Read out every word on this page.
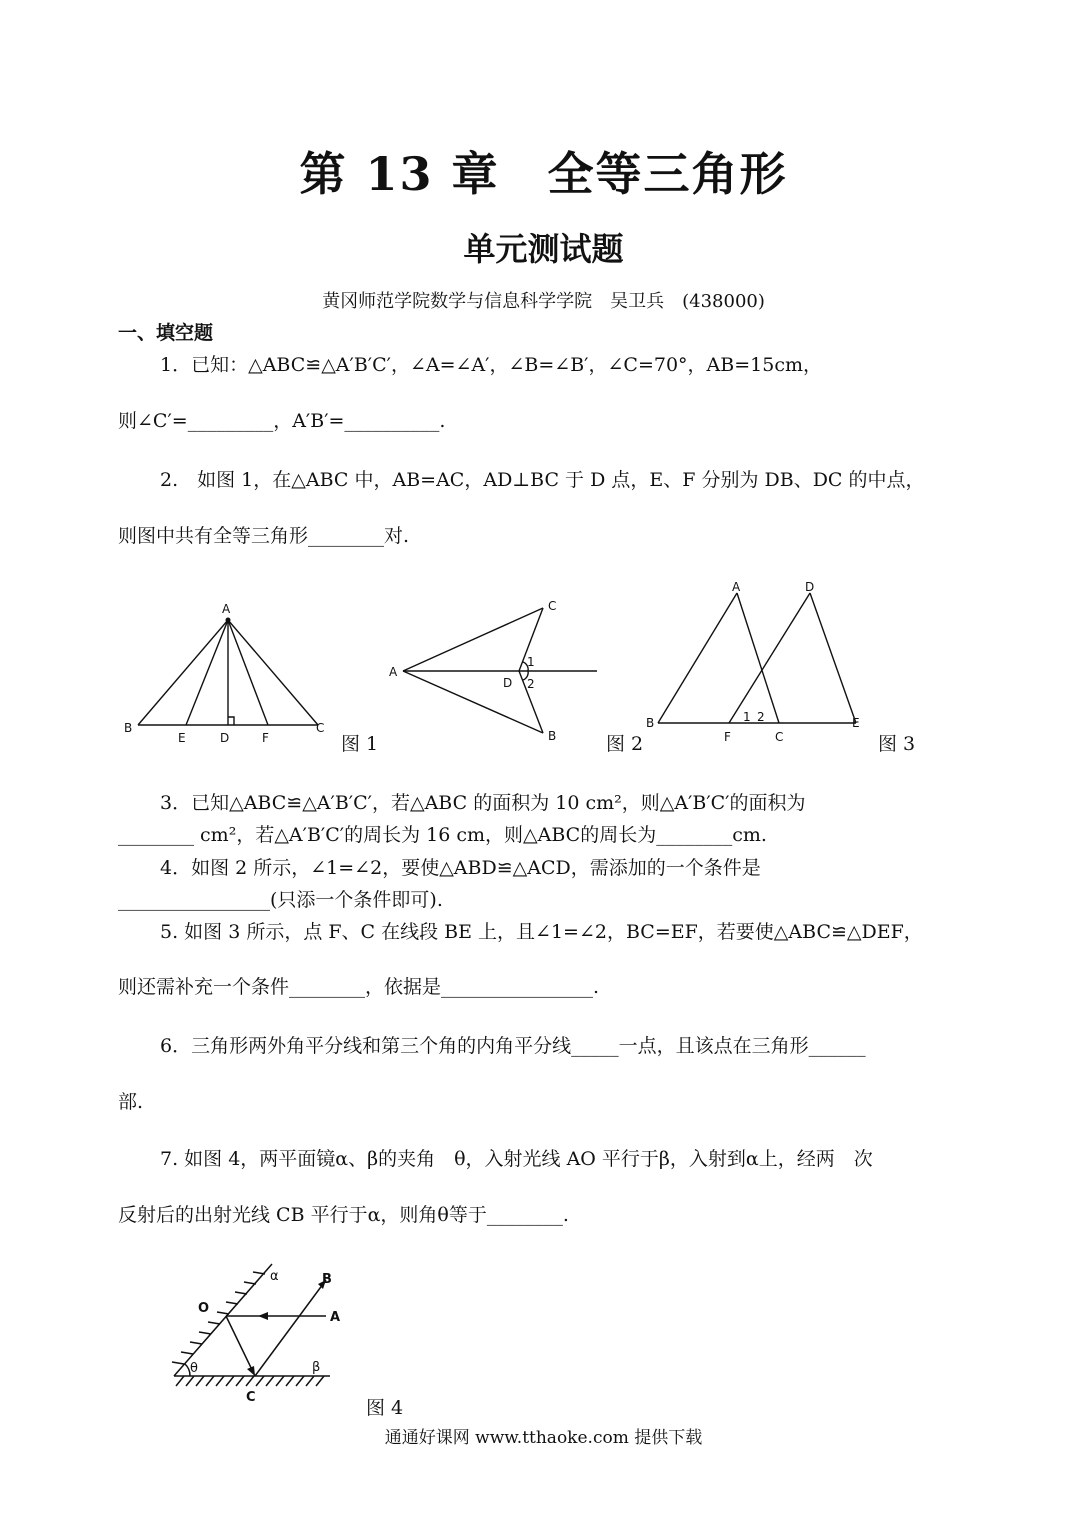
第 13 章　全等三角形
单元测试题
黄冈师范学院数学与信息科学学院　吴卫兵　(438000)
一、填空题
1．已知：△ABC≌△A′B′C′，∠A=∠A′，∠B=∠B′，∠C=70°，AB=15cm，
则∠C′=_________，A′B′=__________.
2.　如图 1，在△ABC 中，AB=AC，AD⊥BC 于 D 点，E、F 分别为 DB、DC 的中点，
则图中共有全等三角形________对.
A
B
E	D	F
C
图 1
A
C
B
D
1
2
图 2
A	D
B
F	C
E
1 2
图 3
3．已知△ABC≌△A′B′C′，若△ABC 的面积为 10 cm²，则△A′B′C′的面积为
________ cm²，若△A′B′C′的周长为 16 cm，则△ABC的周长为________cm.
4．如图 2 所示，∠1=∠2，要使△ABD≌△ACD，需添加的一个条件是
________________(只添一个条件即可).
5. 如图 3 所示，点 F、C 在线段 BE 上，且∠1=∠2，BC=EF，若要使△ABC≌△DEF，
则还需补充一个条件________，依据是________________.
6．三角形两外角平分线和第三个角的内角平分线_____一点，且该点在三角形______
部.
7. 如图 4，两平面镜α、β的夹角　θ，入射光线 AO 平行于β，入射到α上，经两　次
反射后的出射光线 CB 平行于α，则角θ等于________.
α
β
θ
O
A
B
C	图 4
通通好课网 www.tthaoke.com 提供下载
